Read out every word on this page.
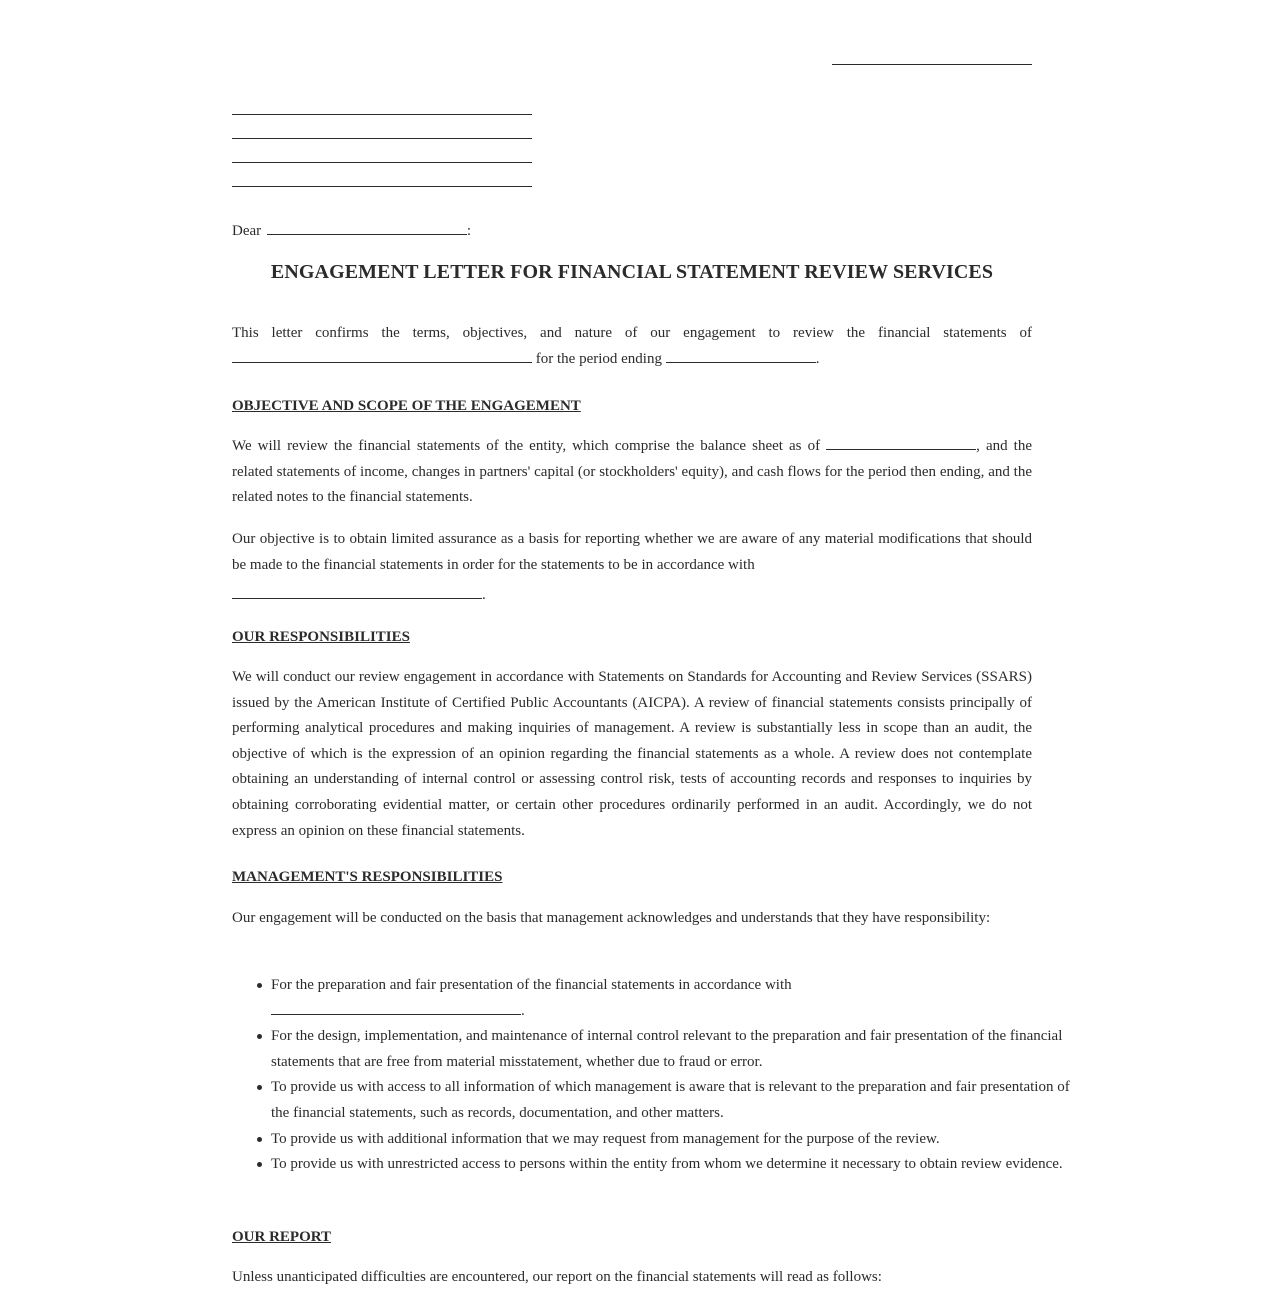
Dear	:
ENGAGEMENT LETTER FOR FINANCIAL STATEMENT REVIEW SERVICES

This letter confirms the terms, objectives, and nature of our engagement to review the financial statements of  for the period ending	.

OBJECTIVE AND SCOPE OF THE ENGAGEMENT

We will review the financial statements of the entity, which comprise the balance sheet as of	, and the related statements of income, changes in partners' capital (or stockholders' equity), and cash flows for the period then ending, and the related notes to the financial statements.

Our objective is to obtain limited assurance as a basis for reporting whether we are aware of any material modifications that should be made to the financial statements in order for the statements to be in accordance with

.
OUR RESPONSIBILITIES

We will conduct our review engagement in accordance with Statements on Standards for Accounting and Review Services (SSARS) issued by the American Institute of Certified Public Accountants (AICPA). A review of financial statements consists principally of performing analytical procedures and making inquiries of management. A review is substantially less in scope than an audit, the objective of which is the expression of an opinion regarding the financial statements as a whole. A review does not contemplate obtaining an understanding of internal control or assessing control risk, tests of accounting records and responses to inquiries by obtaining corroborating evidential matter, or certain other procedures ordinarily performed in an audit. Accordingly, we do not express an opinion on these financial statements.

MANAGEMENT'S RESPONSIBILITIES

Our engagement will be conducted on the basis that management acknowledges and understands that they have responsibility:

For the preparation and fair presentation of the financial statements in accordance with
.
For the design, implementation, and maintenance of internal control relevant to the preparation and fair presentation of the financial statements that are free from material misstatement, whether due to fraud or error.
To provide us with access to all information of which management is aware that is relevant to the preparation and fair presentation of the financial statements, such as records, documentation, and other matters.
To provide us with additional information that we may request from management for the purpose of the review.
To provide us with unrestricted access to persons within the entity from whom we determine it necessary to obtain review evidence.
OUR REPORT

Unless unanticipated difficulties are encountered, our report on the financial statements will read as follows:
